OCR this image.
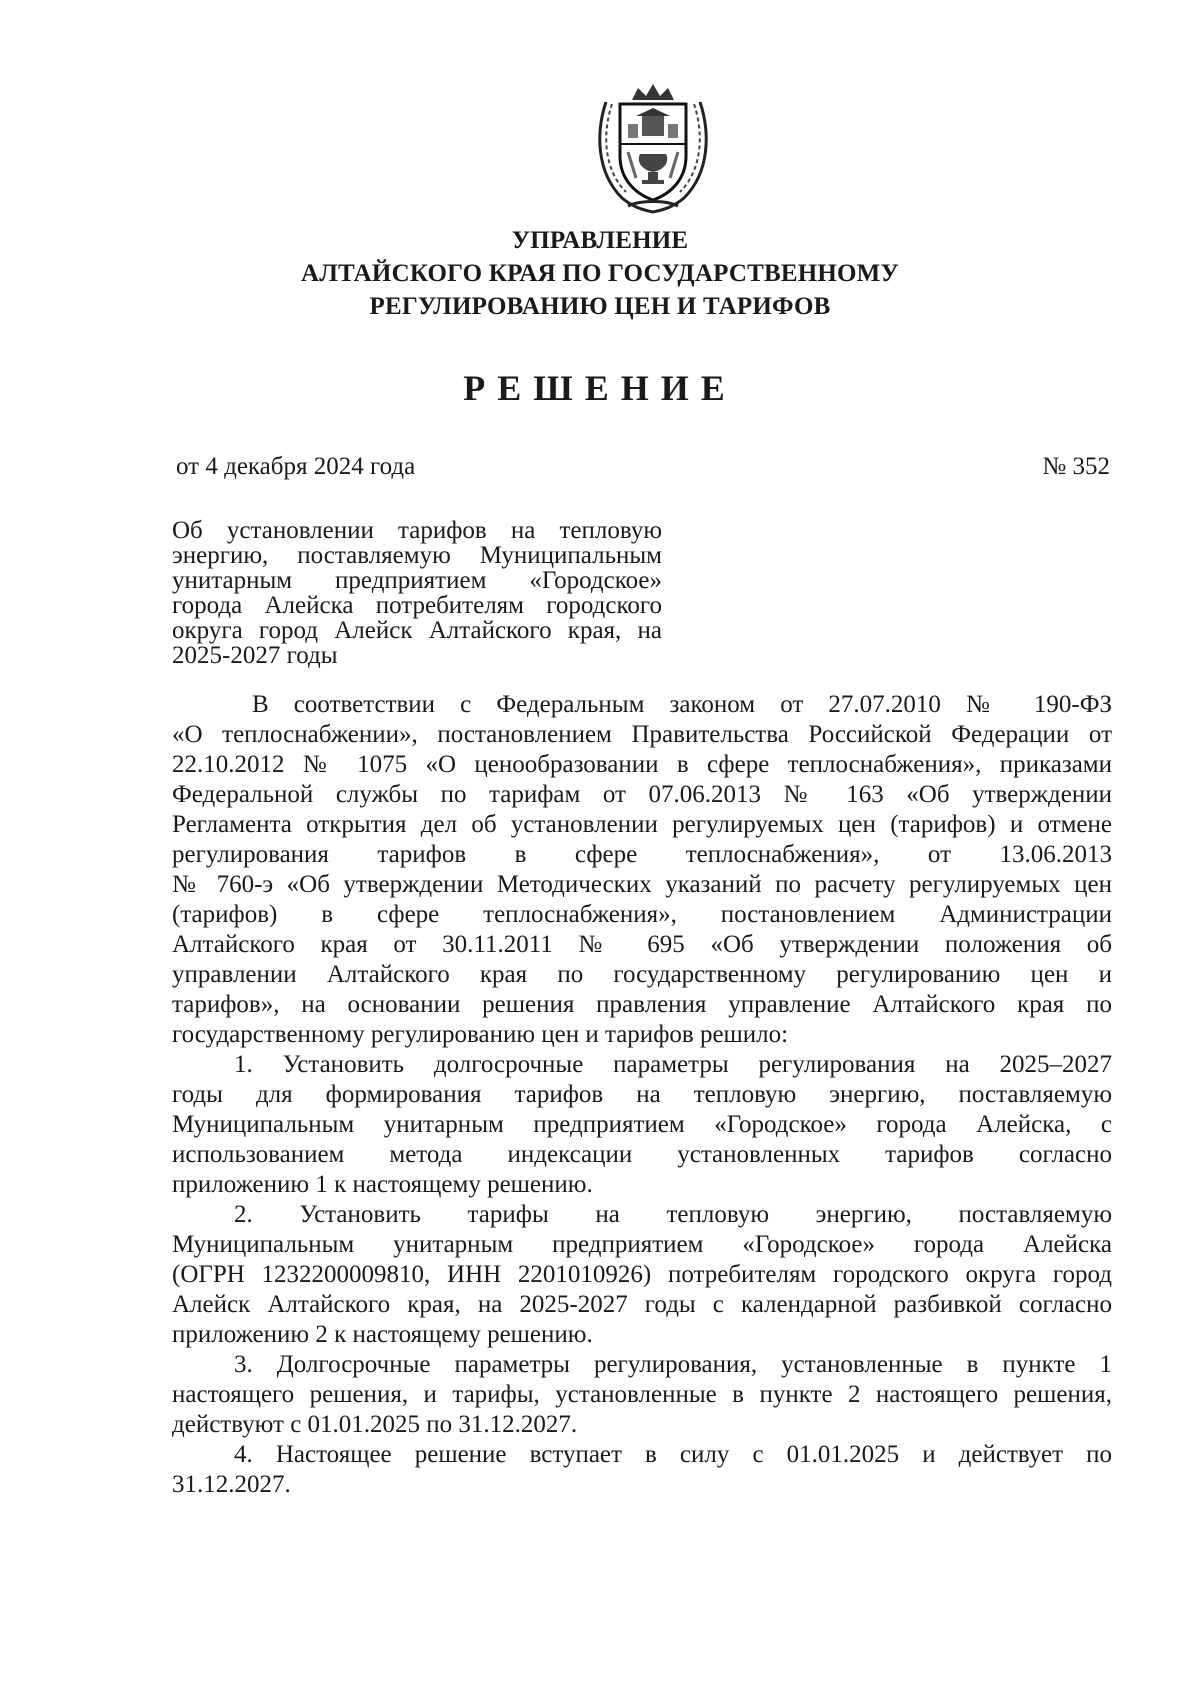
УПРАВЛЕНИЕ
АЛТАЙСКОГО КРАЯ ПО ГОСУДАРСТВЕННОМУ
РЕГУЛИРОВАНИЮ ЦЕН И ТАРИФОВ
РЕШЕНИЕ
от 4 декабря 2024 года	№ 352
Об установлении тарифов на тепловую
энергию, поставляемую Муниципальным
унитарным предприятием «Городское»
города Алейска потребителям городского
округа город Алейск Алтайского края, на
2025-2027 годы
В соответствии с Федеральным законом от 27.07.2010 № 190-ФЗ
«О теплоснабжении», постановлением Правительства Российской Федерации от
22.10.2012 № 1075 «О ценообразовании в сфере теплоснабжения», приказами
Федеральной службы по тарифам от 07.06.2013 № 163 «Об утверждении
Регламента открытия дел об установлении регулируемых цен (тарифов) и отмене
регулирования тарифов в сфере теплоснабжения», от 13.06.2013
№ 760-э «Об утверждении Методических указаний по расчету регулируемых цен
(тарифов) в сфере теплоснабжения», постановлением Администрации
Алтайского края от 30.11.2011 № 695 «Об утверждении положения об
управлении Алтайского края по государственному регулированию цен и
тарифов», на основании решения правления управление Алтайского края по
государственному регулированию цен и тарифов решило:
1. Установить долгосрочные параметры регулирования на 2025–2027
годы для формирования тарифов на тепловую энергию, поставляемую
Муниципальным унитарным предприятием «Городское» города Алейска, с
использованием метода индексации установленных тарифов согласно
приложению 1 к настоящему решению.
2. Установить тарифы на тепловую энергию, поставляемую
Муниципальным унитарным предприятием «Городское» города Алейска
(ОГРН 1232200009810, ИНН 2201010926) потребителям городского округа город
Алейск Алтайского края, на 2025-2027 годы с календарной разбивкой согласно
приложению 2 к настоящему решению.
3. Долгосрочные параметры регулирования, установленные в пункте 1
настоящего решения, и тарифы, установленные в пункте 2 настоящего решения,
действуют с 01.01.2025 по 31.12.2027.
4. Настоящее решение вступает в силу с 01.01.2025 и действует по
31.12.2027.
